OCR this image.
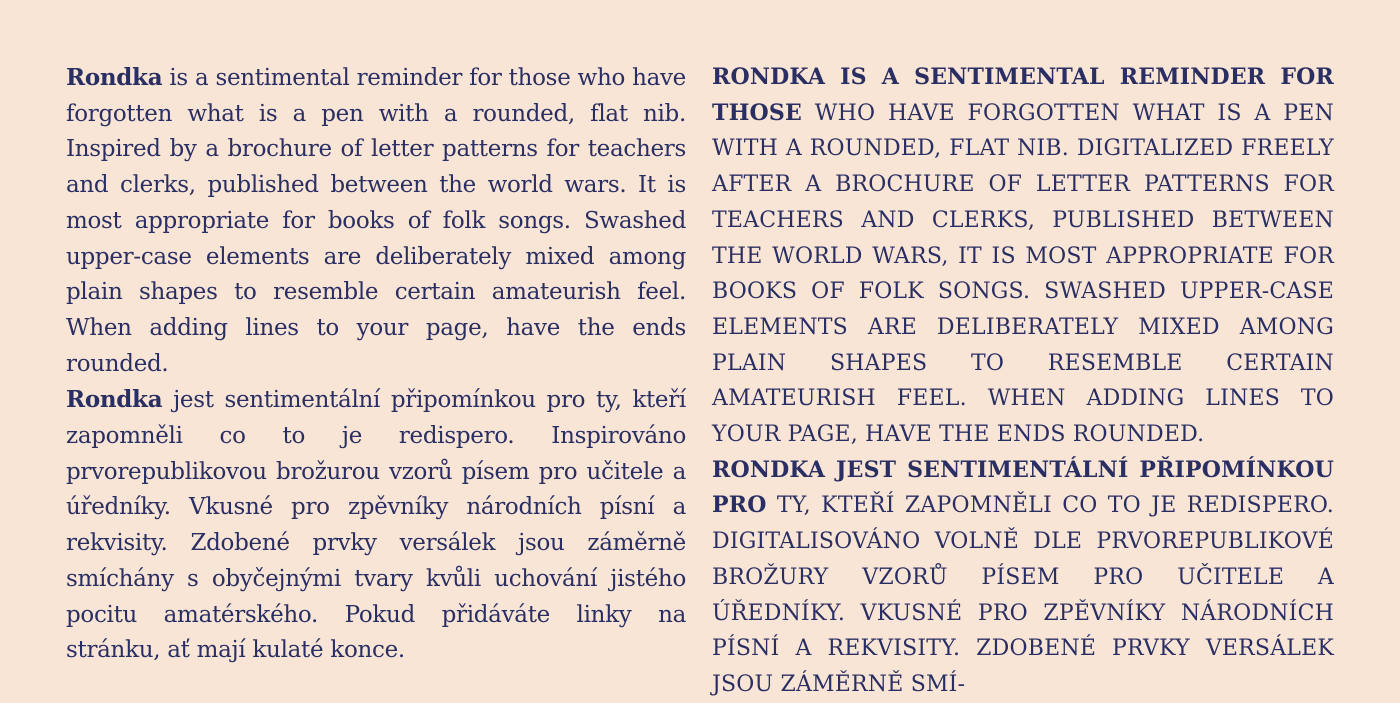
Rondka is a sentimental reminder for those who have forgotten what is a pen with a rounded, flat nib. Inspired by a brochure of letter patterns for teachers and clerks, published between the world wars. It is most appropriate for books of folk songs. Swashed upper-case elements are deliberately mixed among plain shapes to resemble certain amateurish feel. When adding lines to your page, have the ends rounded.

Rondka jest sentimentální připomínkou pro ty, kteří zapomněli co to je redispero. Inspirováno prvorepublikovou brožurou vzorů písem pro učitele a úředníky. Vkusné pro zpěvníky národních písní a rekvisity. Zdobené prvky versálek jsou záměrně smíchány s obyčejnými tvary kvůli uchování jistého pocitu amatérského. Pokud přidáváte linky na stránku, ať mají kulaté konce.

RONDKA IS A SENTIMENTAL REMINDER FOR THOSE WHO HAVE FORGOTTEN WHAT IS A PEN WITH A ROUNDED, FLAT NIB. DIGITALIZED FREELY AFTER A BROCHURE OF LETTER PATTERNS FOR TEACHERS AND CLERKS, PUBLISHED BETWEEN THE WORLD WARS, IT IS MOST APPROPRIATE FOR BOOKS OF FOLK SONGS. SWASHED UPPER-CASE ELEMENTS ARE DELIBERATELY MIXED AMONG PLAIN SHAPES TO RESEMBLE CERTAIN AMATEURISH FEEL. WHEN ADDING LINES TO YOUR PAGE, HAVE THE ENDS ROUNDED.

RONDKA JEST SENTIMENTÁLNÍ PŘIPOMÍNKOU PRO TY, KTEŘÍ ZAPOMNĚLI CO TO JE REDISPERO. DIGITALISOVÁNO VOLNĚ DLE PRVOREPUBLIKOVÉ BROŽURY VZORŮ PÍSEM PRO UČITELE A ÚŘEDNÍKY. VKUSNÉ PRO ZPĚVNÍKY NÁRODNÍCH PÍSNÍ A REKVISITY. ZDOBENÉ PRVKY VERSÁLEK JSOU ZÁMĚRNĚ SMÍ-
